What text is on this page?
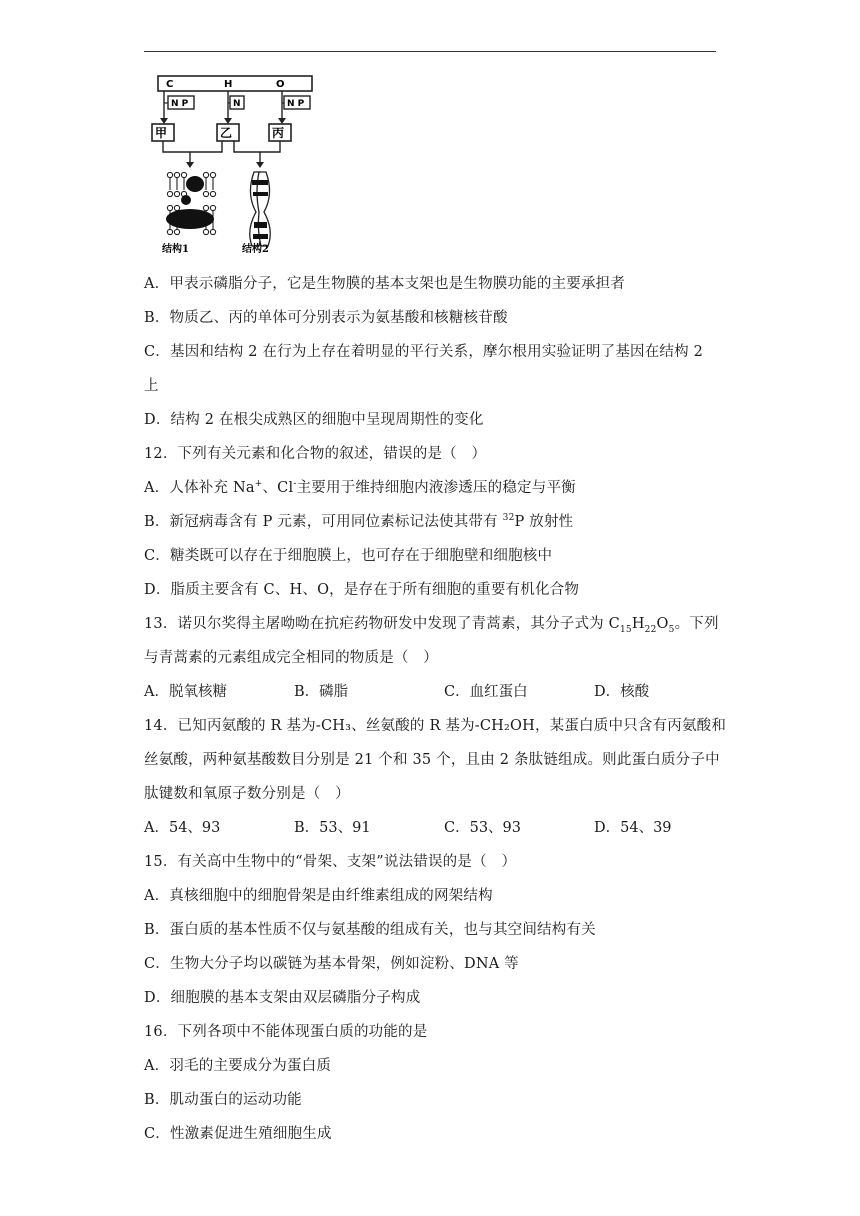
C	H	O
N P	N	N P
甲	乙	丙
结构1	结构2
A．甲表示磷脂分子，它是生物膜的基本支架也是生物膜功能的主要承担者
B．物质乙、丙的单体可分别表示为氨基酸和核糖核苷酸
C．基因和结构 2 在行为上存在着明显的平行关系，摩尔根用实验证明了基因在结构 2
上
D．结构 2 在根尖成熟区的细胞中呈现周期性的变化
12．下列有关元素和化合物的叙述，错误的是（　）
A．人体补充 Na+、Cl-主要用于维持细胞内液渗透压的稳定与平衡
B．新冠病毒含有 P 元素，可用同位素标记法使其带有 $^{32}$P 放射性
C．糖类既可以存在于细胞膜上，也可存在于细胞壁和细胞核中
D．脂质主要含有 C、H、O，是存在于所有细胞的重要有机化合物
13．诺贝尔奖得主屠呦呦在抗疟药物研发中发现了青蒿素，其分子式为 $C_{15}H_{22}O_5$。下列
与青蒿素的元素组成完全相同的物质是（　）
A．脱氧核糖	B．磷脂	C．血红蛋白	D．核酸
14．已知丙氨酸的 R 基为-CH₃、丝氨酸的 R 基为-CH₂OH，某蛋白质中只含有丙氨酸和
丝氨酸，两种氨基酸数目分别是 21 个和 35 个，且由 2 条肽链组成。则此蛋白质分子中
肽键数和氧原子数分别是（　）
A．54、93	B．53、91	C．53、93	D．54、39
15．有关高中生物中的“骨架、支架”说法错误的是（　）
A．真核细胞中的细胞骨架是由纤维素组成的网架结构
B．蛋白质的基本性质不仅与氨基酸的组成有关，也与其空间结构有关
C．生物大分子均以碳链为基本骨架，例如淀粉、DNA 等
D．细胞膜的基本支架由双层磷脂分子构成
16．下列各项中不能体现蛋白质的功能的是
A．羽毛的主要成分为蛋白质
B．肌动蛋白的运动功能
C．性激素促进生殖细胞生成
